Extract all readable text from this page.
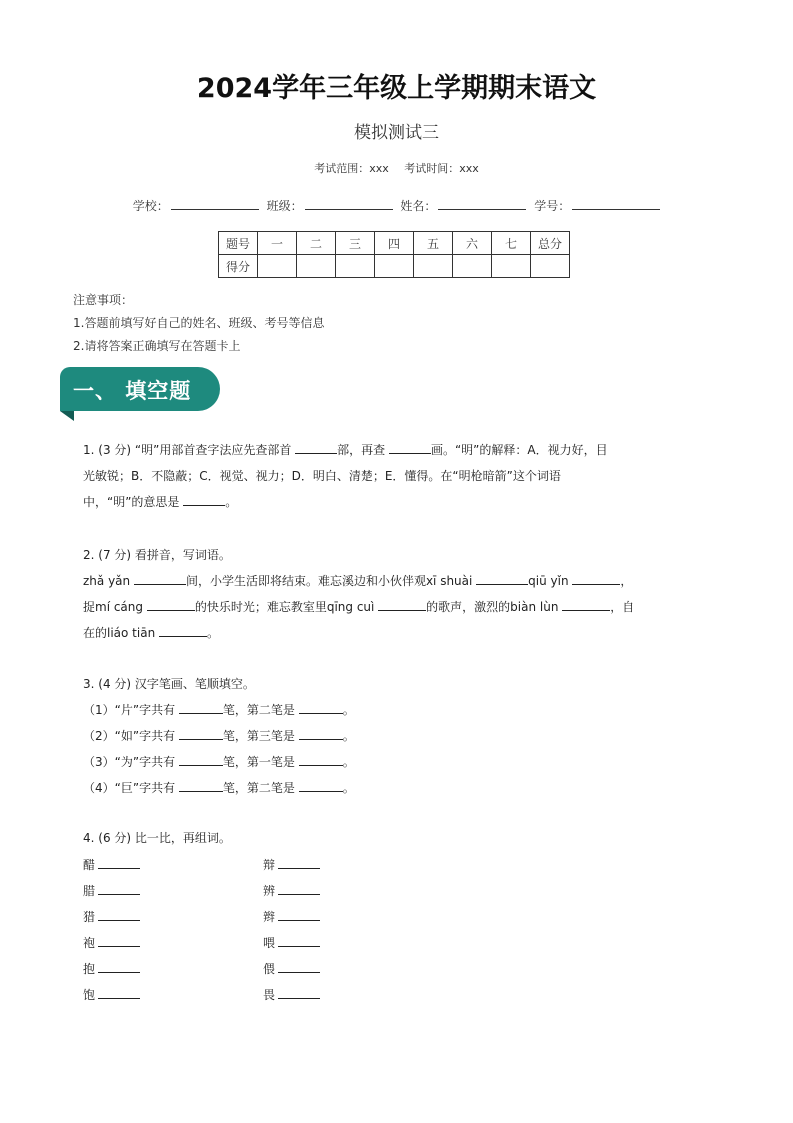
2024学年三年级上学期期末语文
模拟测试三
考试范围：xxx 考试时间：xxx
学校：	班级：	姓名：	学号：
题号	一	二	三	四	五	六	七	总分
得分								
注意事项：
1.答题前填写好自己的姓名、班级、考号等信息
2.请将答案正确填写在答题卡上
一、 填空题
1. (3 分) “明”用部首查字法应先查部首	部，再查	画。“明”的解释：A．视力好，目
光敏锐；B．不隐蔽；C．视觉、视力；D．明白、清楚；E．懂得。在“明枪暗箭”这个词语
中，“明”的意思是	。
2. (7 分) 看拼音，写词语。
zhǎ yǎn	间，小学生活即将结束。难忘溪边和小伙伴观xī shuài	qiū yǐn	，
捉mí cáng	的快乐时光；难忘教室里qīng cuì	的歌声，激烈的biàn lùn	，自
在的liáo tiān	。
3. (4 分) 汉字笔画、笔顺填空。
（1）“片”字共有	笔，第二笔是	。
（2）“如”字共有	笔，第三笔是	。
（3）“为”字共有	笔，第一笔是	。
（4）“巨”字共有	笔，第二笔是	。
4. (6 分) 比一比，再组词。
醋	辩
腊	辨
猎	辫
袍	喂
抱	偎
饱	畏
